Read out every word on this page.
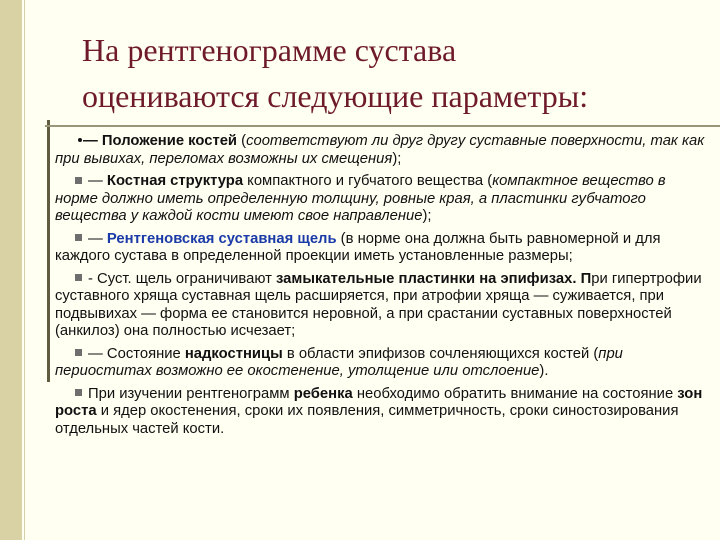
На рентгенограмме сустава
оцениваются следующие параметры:

— Положение костей (соответствуют ли друг другу суставные поверхности, так как при вывихах, переломах возможны их смещения);

— Костная структура компактного и губчатого вещества (компактное вещество в норме должно иметь определенную толщину, ровные края, а пластинки губчатого вещества у каждой кости имеют свое направление);

— Рентгеновская суставная щель (в норме она должна быть равномерной и для каждого сустава в определенной проекции иметь установленные размеры;

- Суст. щель ограничивают замыкательные пластинки на эпифизах. При гипертрофии суставного хряща суставная щель расширяется, при атрофии хряща — суживается, при подвывихах — форма ее становится неровной, а при срастании суставных поверхностей (анкилоз) она полностью исчезает;

— Состояние надкостницы в области эпифизов сочленяющихся костей (при периоститах возможно ее окостенение, утолщение или отслоение).

При изучении рентгенограмм ребенка необходимо обратить внимание на состояние зон роста и ядер окостенения, сроки их появления, симметричность, сроки синостозирования отдельных частей кости.
